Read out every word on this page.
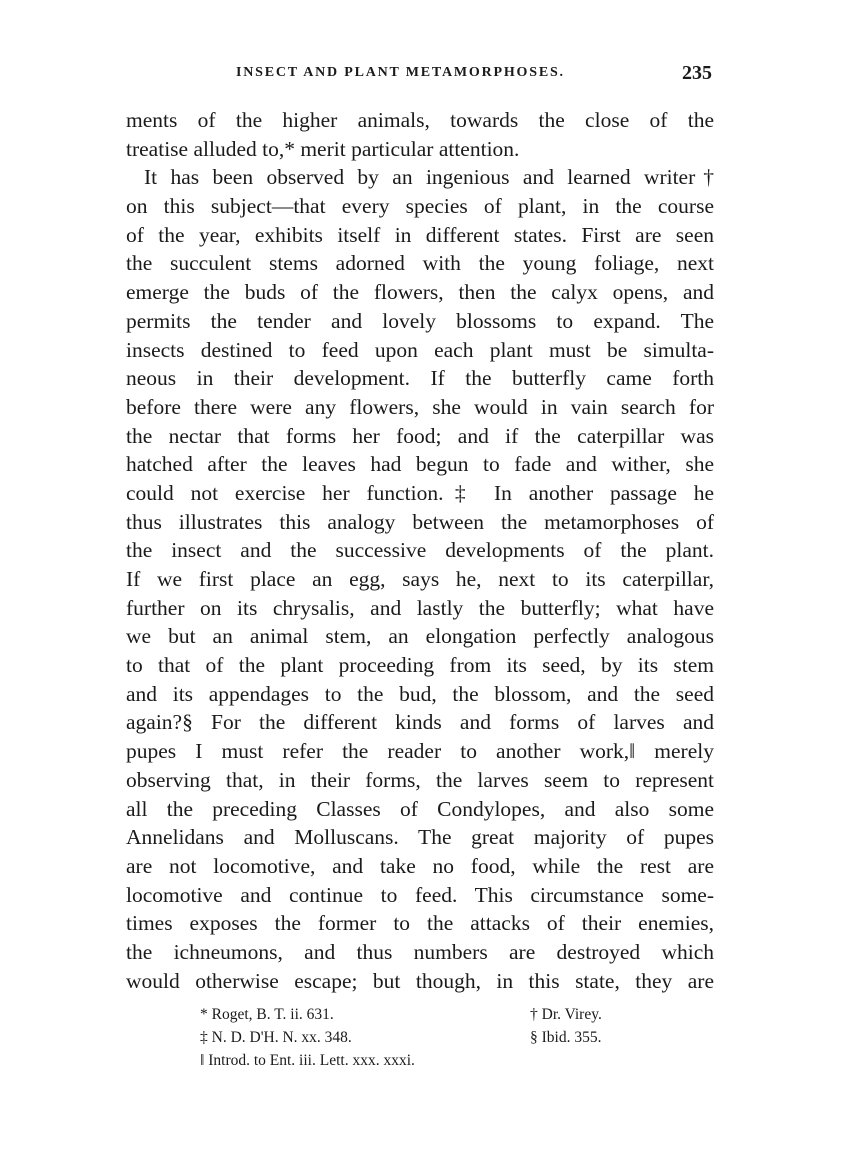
INSECT AND PLANT METAMORPHOSES.	235
ments of the higher animals, towards the close of the
treatise alluded to,* merit particular attention.
It has been observed by an ingenious and learned writer†
on this subject—that every species of plant, in the course
of the year, exhibits itself in different states. First are seen
the succulent stems adorned with the young foliage, next
emerge the buds of the flowers, then the calyx opens, and
permits the tender and lovely blossoms to expand. The
insects destined to feed upon each plant must be simulta-
neous in their development. If the butterfly came forth
before there were any flowers, she would in vain search for
the nectar that forms her food; and if the caterpillar was
hatched after the leaves had begun to fade and wither, she
could not exercise her function.‡ In another passage he
thus illustrates this analogy between the metamorphoses of
the insect and the successive developments of the plant.
If we first place an egg, says he, next to its caterpillar,
further on its chrysalis, and lastly the butterfly; what have
we but an animal stem, an elongation perfectly analogous
to that of the plant proceeding from its seed, by its stem
and its appendages to the bud, the blossom, and the seed
again?§ For the different kinds and forms of larves and
pupes I must refer the reader to another work,‖ merely
observing that, in their forms, the larves seem to represent
all the preceding Classes of Condylopes, and also some
Annelidans and Molluscans. The great majority of pupes
are not locomotive, and take no food, while the rest are
locomotive and continue to feed. This circumstance some-
times exposes the former to the attacks of their enemies,
the ichneumons, and thus numbers are destroyed which
would otherwise escape; but though, in this state, they are
* Roget, B. T. ii. 631.	† Dr. Virey.
‡ N. D. D'H. N. xx. 348.	§ Ibid. 355.
‖ Introd. to Ent. iii. Lett. xxx. xxxi.
